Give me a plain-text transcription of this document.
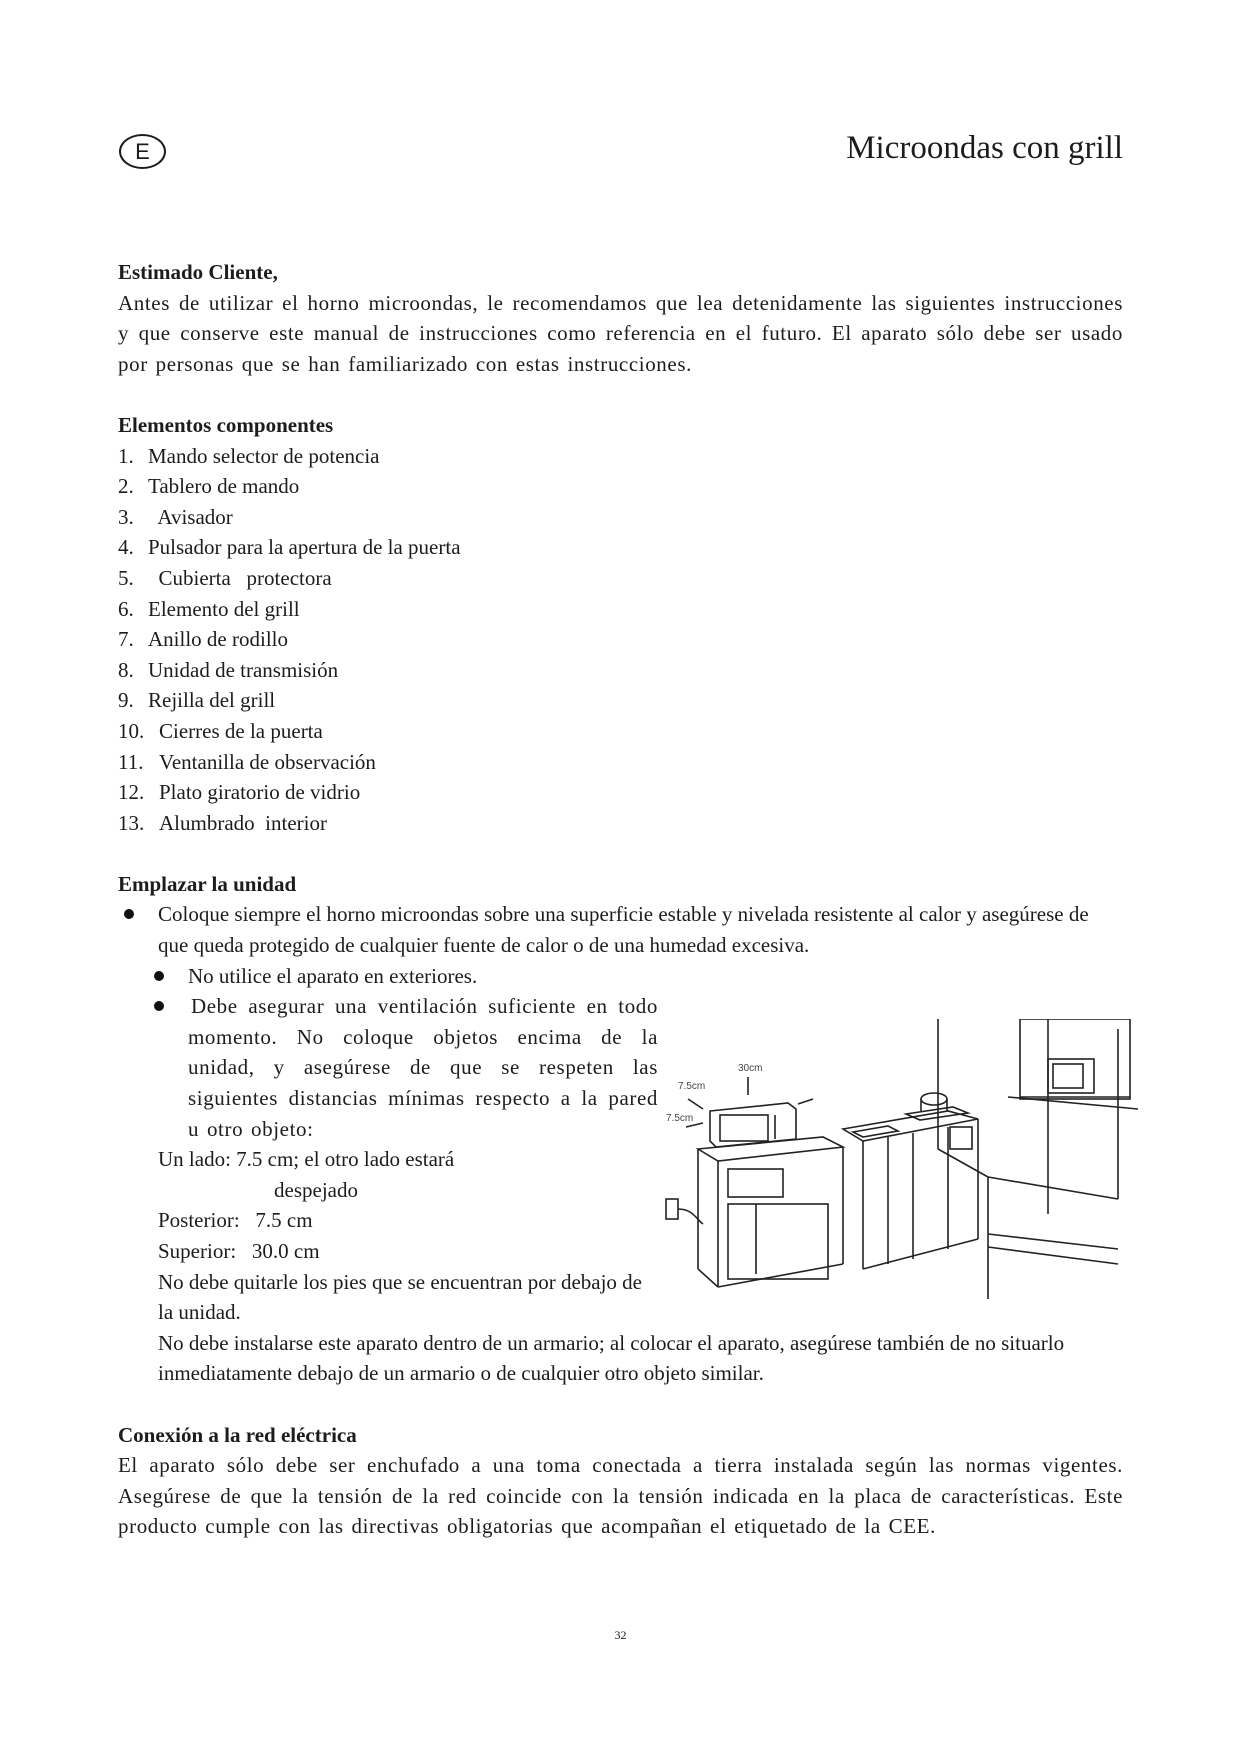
E	Microondas con grill

Estimado Cliente,

Antes de utilizar el horno microondas, le recomendamos que lea detenidamente las siguientes instrucciones y que conserve este manual de instrucciones como referencia en el futuro. El aparato sólo debe ser usado por personas que se han familiarizado con estas instrucciones.

Elementos componentes

1. Mando selector de potencia
2. Tablero de mando
3. Avisador
4. Pulsador para la apertura de la puerta
5. Cubierta   protectora
6. Elemento del grill
7. Anillo de rodillo
8. Unidad de transmisión
9. Rejilla del grill
10. Cierres de la puerta
11. Ventanilla de observación
12. Plato giratorio de vidrio
13. Alumbrado  interior

Emplazar la unidad

Coloque siempre el horno microondas sobre una superficie estable y nivelada resistente al calor y asegúrese de que queda protegido de cualquier fuente de calor o de una humedad excesiva.
No utilice el aparato en exteriores.
Debe asegurar una ventilación suficiente en todo momento. No coloque objetos encima de la unidad, y asegúrese de que se respeten las siguientes distancias mínimas respecto a la pared u otro objeto:
Un lado: 7.5 cm; el otro lado estará
despejado
Posterior:   7.5 cm
Superior:   30.0 cm
No debe quitarle los pies que se encuentran por debajo de la unidad.
30cm
7.5cm
7.5cm
No debe instalarse este aparato dentro de un armario; al colocar el aparato, asegúrese también de no situarlo inmediatamente debajo de un armario o de cualquier otro objeto similar.

Conexión a la red eléctrica

El aparato sólo debe ser enchufado a una toma conectada a tierra instalada según las normas vigentes. Asegúrese de que la tensión de la red coincide con la tensión indicada en la placa de características. Este producto cumple con las directivas obligatorias que acompañan el etiquetado de la CEE.

32
